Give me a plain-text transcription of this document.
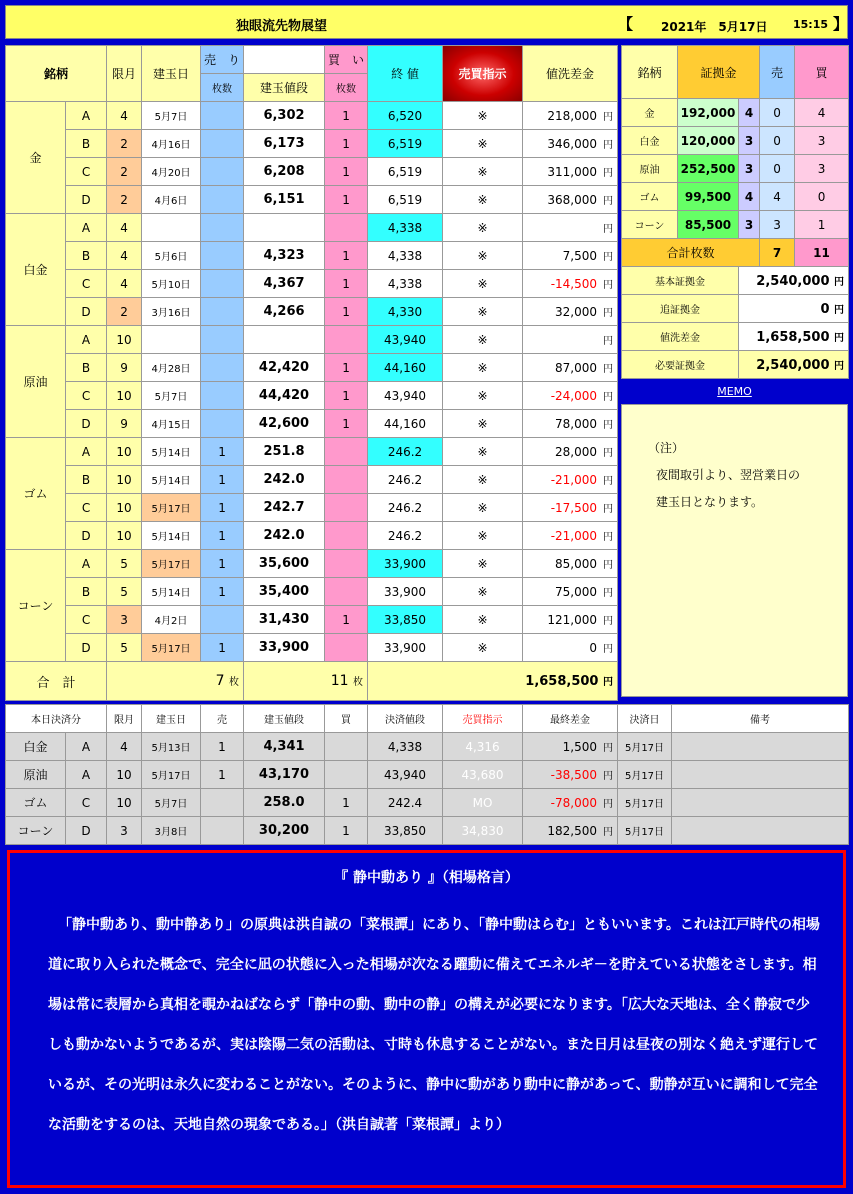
独眼流先物展望	【 2021年　5月17日 15:15 】
銘柄		限月	建玉日	売　り		買　い	終 値	売買指示	値洗差金
				枚数	建玉値段	枚数			
金	A	4	5月7日		6,302	1	6,520	※	218,000 円
	B	2	4月16日		6,173	1	6,519	※	346,000 円
	C	2	4月20日		6,208	1	6,519	※	311,000 円
	D	2	4月6日		6,151	1	6,519	※	368,000 円
白金	A	4					4,338	※	円
	B	4	5月6日		4,323	1	4,338	※	7,500 円
	C	4	5月10日		4,367	1	4,338	※	-14,500 円
	D	2	3月16日		4,266	1	4,330	※	32,000 円
原油	A	10					43,940	※	円
	B	9	4月28日		42,420	1	44,160	※	87,000 円
	C	10	5月7日		44,420	1	43,940	※	-24,000 円
	D	9	4月15日		42,600	1	44,160	※	78,000 円
ゴム	A	10	5月14日	1	251.8		246.2	※	28,000 円
	B	10	5月14日	1	242.0		246.2	※	-21,000 円
	C	10	5月17日	1	242.7		246.2	※	-17,500 円
	D	10	5月14日	1	242.0		246.2	※	-21,000 円
コーン	A	5	5月17日	1	35,600		33,900	※	85,000 円
	B	5	5月14日	1	35,400		33,900	※	75,000 円
	C	3	4月2日		31,430	1	33,850	※	121,000 円
	D	5	5月17日	1	33,900		33,900	※	0 円
合　計		7 枚			11 枚		1,658,500 円		
銘柄	証拠金		売	買
金	192,000	4	0	4
白金	120,000	3	0	3
原油	252,500	3	0	3
ゴム	99,500	4	4	0
コーン	85,500	3	3	1
合計枚数			7	11
基本証拠金		2,540,000 円		
追証拠金		0 円		
値洗差金		1,658,500 円		
必要証拠金		2,540,000 円		
MEMO
（注）
夜間取引より、翌営業日の
建玉日となります。
本日決済分		限月	建玉日	売	建玉値段	買	決済値段	売買指示	最終差金	決済日	備考
白金	A	4	5月13日	1	4,341		4,338	4,316	1,500 円	5月17日	
原油	A	10	5月17日	1	43,170		43,940	43,680	-38,500 円	5月17日	
ゴム	C	10	5月7日		258.0	1	242.4	MO	-78,000 円	5月17日	
コーン	D	3	3月8日		30,200	1	33,850	34,830	182,500 円	5月17日	
『 静中動あり 』（相場格言）
「静中動あり、動中静あり」の原典は洪自誠の「菜根譚」にあり、「静中動はらむ」ともいいます。これは江戸時代の相場道に取り入られた概念で、完全に凪の状態に入った相場が次なる躍動に備えてエネルギ－を貯えている状態をさします。相場は常に表層から真相を覗かねばならず「静中の動、動中の静」の構えが必要になります。「広大な天地は、全く静寂で少しも動かないようであるが、実は陰陽二気の活動は、寸時も休息することがない。また日月は昼夜の別なく絶えず運行しているが、その光明は永久に変わることがない。そのように、静中に動があり動中に静があって、動静が互いに調和して完全な活動をするのは、天地自然の現象である。」（洪自誠著「菜根譚」より）
